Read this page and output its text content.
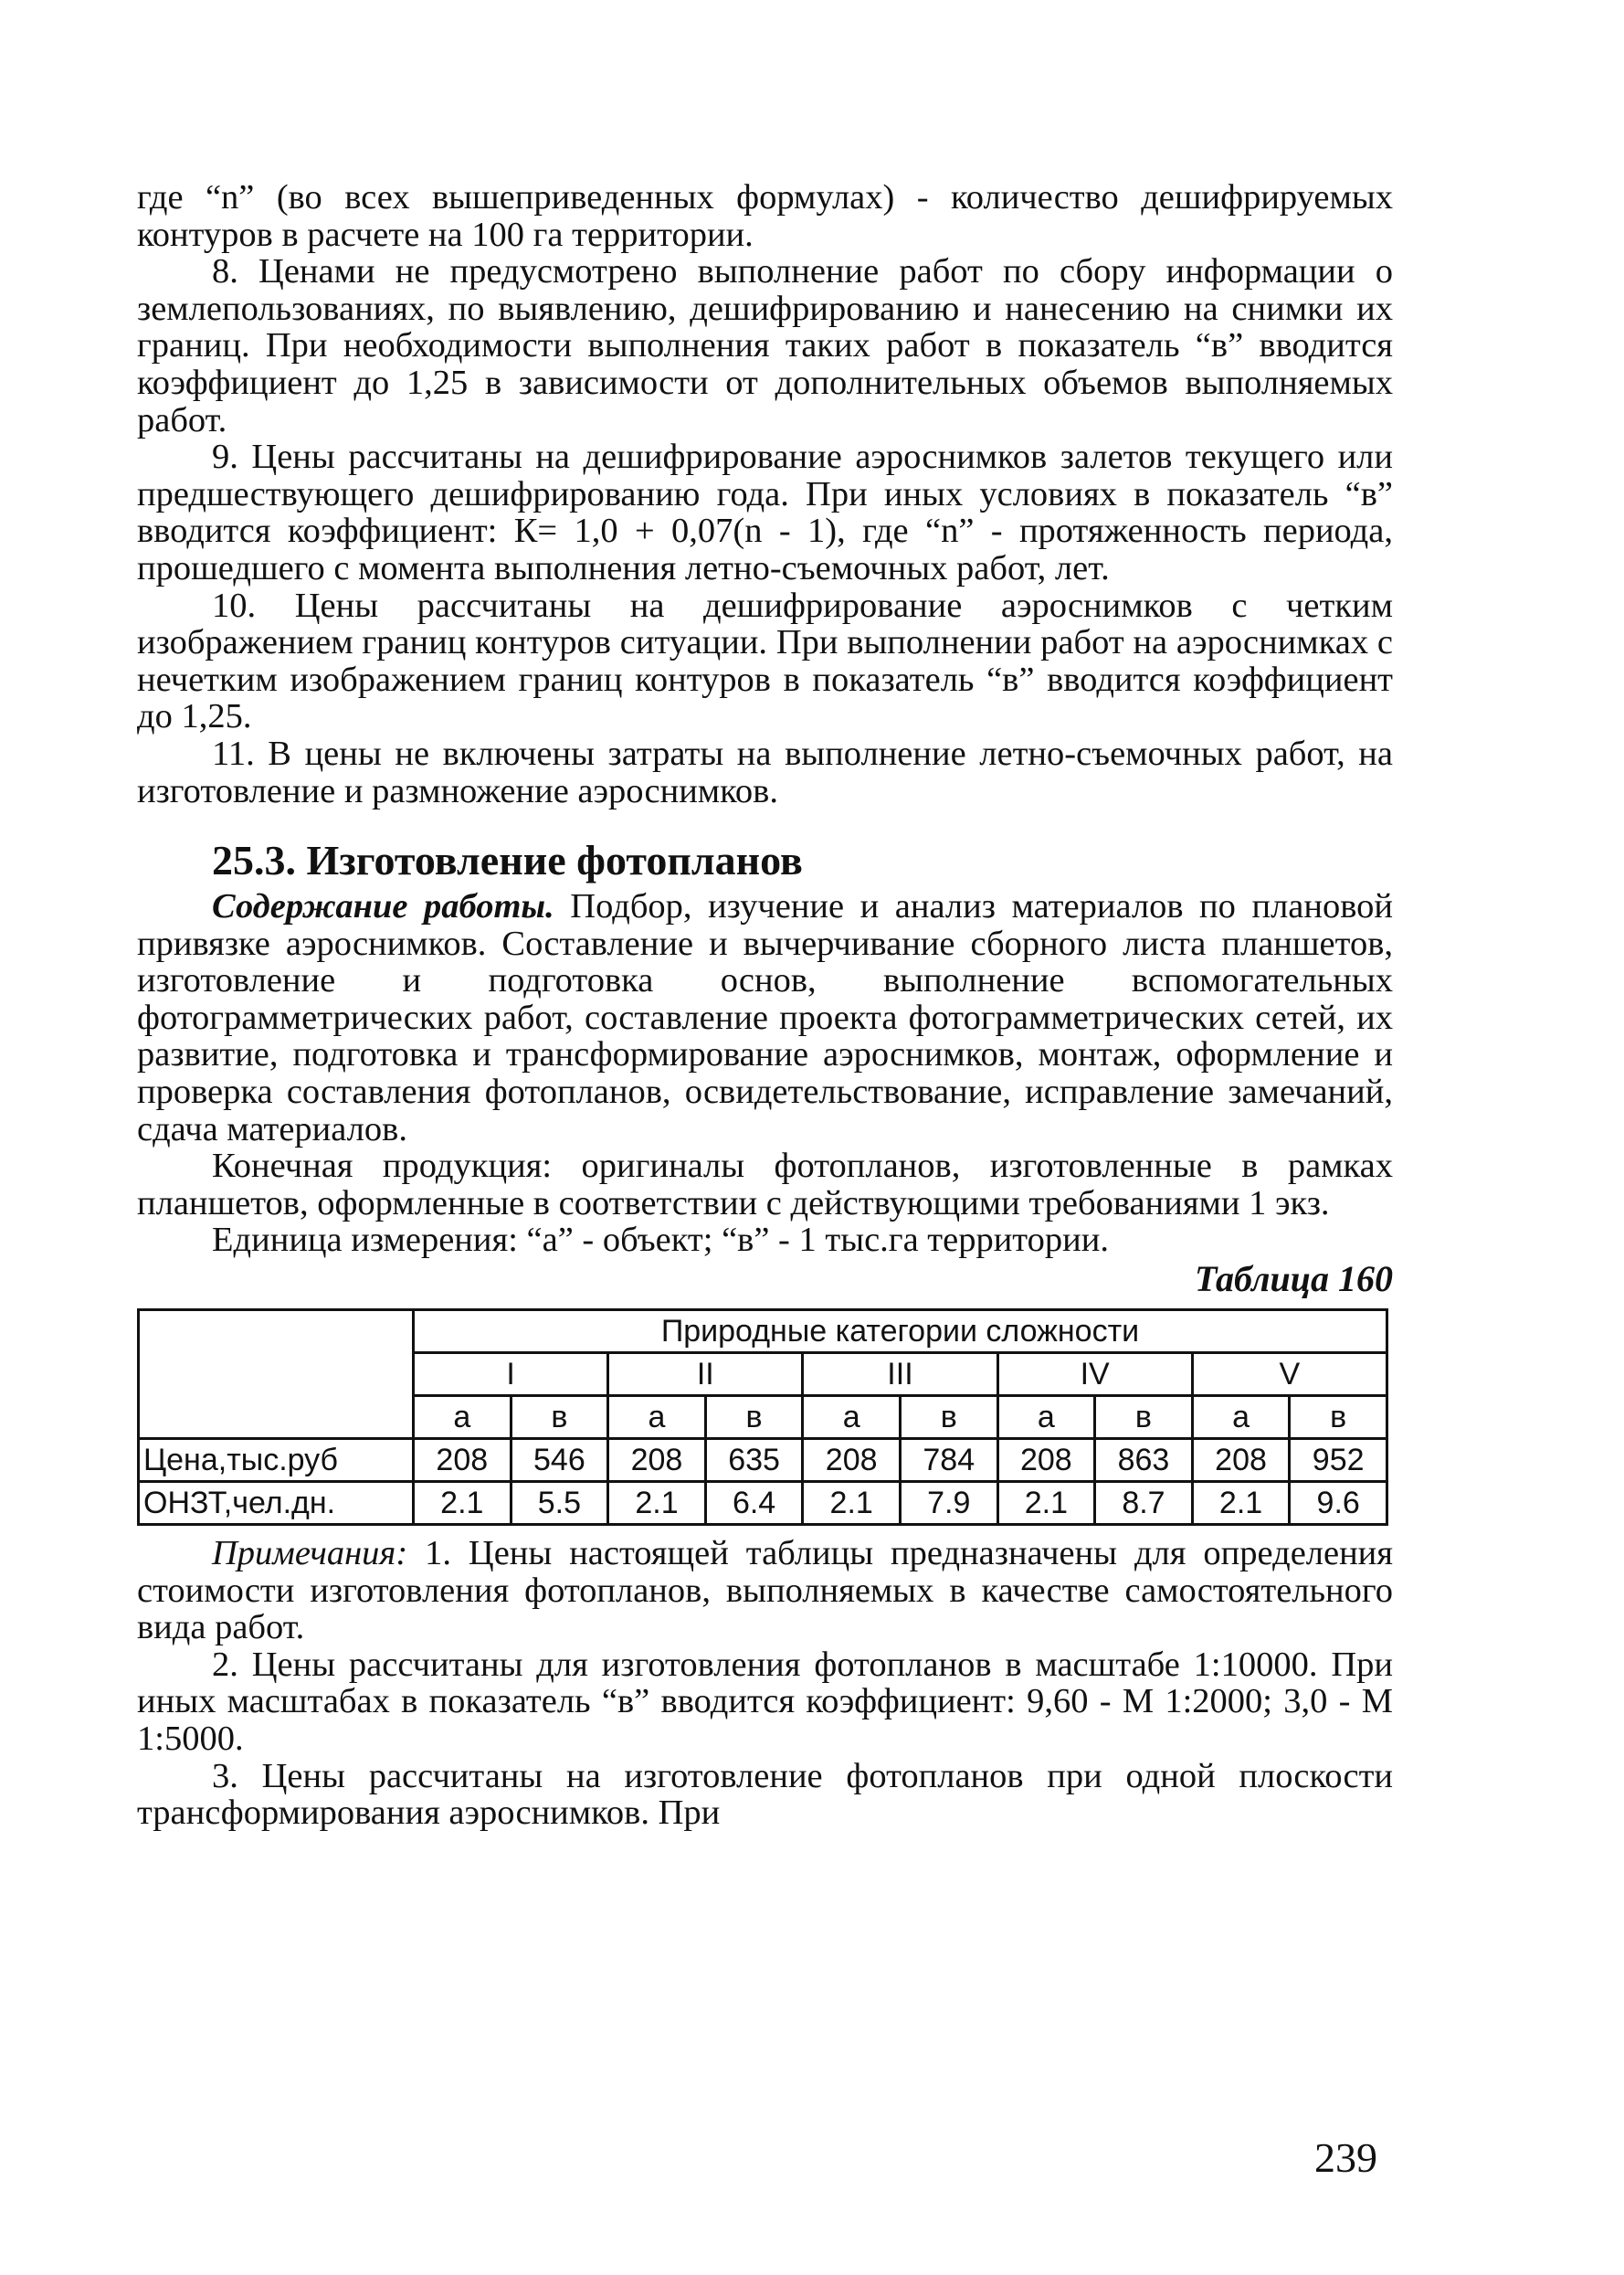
где “n” (во всех вышеприведенных формулах) - количество дешифрируемых контуров в расчете на 100 га территории.

8. Ценами не предусмотрено выполнение работ по сбору информации о землепользованиях, по выявлению, дешифрированию и нанесению на снимки их границ. При необходимости выполнения таких работ в показатель “в” вводится коэффициент до 1,25 в зависимости от дополнительных объемов выполняемых работ.

9. Цены рассчитаны на дешифрирование аэроснимков залетов текущего или предшествующего дешифрированию года. При иных условиях в показатель “в” вводится коэффициент: К= 1,0 + 0,07(n - 1), где “n” - протяженность периода, прошедшего с момента выполнения летно-съемочных работ, лет.

10. Цены рассчитаны на дешифрирование аэроснимков с четким изображением границ контуров ситуации. При выполнении работ на аэроснимках с нечетким изображением границ контуров в показатель “в” вводится коэффициент до 1,25.

11. В цены не включены затраты на выполнение летно-съемочных работ, на изготовление и размножение аэроснимков.

25.3. Изготовление фотопланов

Содержание работы. Подбор, изучение и анализ материалов по плановой привязке аэроснимков. Составление и вычерчивание сборного листа планшетов, изготовление и подготовка основ, выполнение вспомогательных фотограмметрических работ, составление проекта фотограмметрических сетей, их развитие, подготовка и трансформирование аэроснимков, монтаж, оформление и проверка составления фотопланов, освидетельствование, исправление замечаний, сдача материалов.

Конечная продукция: оригиналы фотопланов, изготовленные в рамках планшетов, оформленные в соответствии с действующими требованиями 1 экз.

Единица измерения: “а” - объект; “в” - 1 тыс.га территории.

Таблица 160
	Природные категории сложности									
	I		II		III		IV		V	
	а	в	а	в	а	в	а	в	а	в
Цена,тыс.руб	208	546	208	635	208	784	208	863	208	952
ОНЗТ,чел.дн.	2.1	5.5	2.1	6.4	2.1	7.9	2.1	8.7	2.1	9.6

Примечания: 1. Цены настоящей таблицы предназначены для определения стоимости изготовления фотопланов, выполняемых в качестве самостоятельного вида работ.

2. Цены рассчитаны для изготовления фотопланов в масштабе 1:10000. При иных масштабах в показатель “в” вводится коэффициент: 9,60 - М 1:2000; 3,0 - М 1:5000.

3. Цены рассчитаны на изготовление фотопланов при одной плоскости трансформирования аэроснимков. При

239
